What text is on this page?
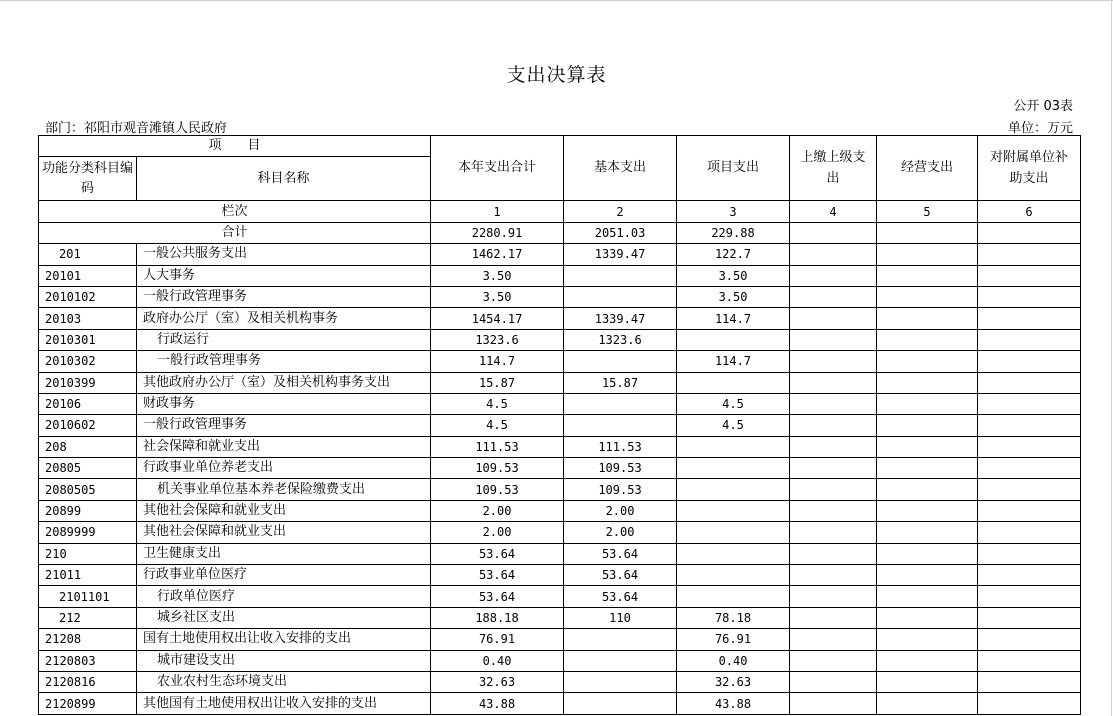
支出决算表
公开 03表
部门：祁阳市观音滩镇人民政府	单位：万元
项　　目		本年支出合计	基本支出	项目支出	上缴上级支出	经营支出	对附属单位补助支出
功能分类科目编码	科目名称						
栏次		1	2	3	4	5	6
合计		2280.91	2051.03	229.88			
201	一般公共服务支出	1462.17	1339.47	122.7			
20101	人大事务	3.50		3.50			
2010102	一般行政管理事务	3.50		3.50			
20103	政府办公厅（室）及相关机构事务	1454.17	1339.47	114.7			
2010301	行政运行	1323.6	1323.6				
2010302	一般行政管理事务	114.7		114.7			
2010399	其他政府办公厅（室）及相关机构事务支出	15.87	15.87				
20106	财政事务	4.5		4.5			
2010602	一般行政管理事务	4.5		4.5			
208	社会保障和就业支出	111.53	111.53				
20805	行政事业单位养老支出	109.53	109.53				
2080505	机关事业单位基本养老保险缴费支出	109.53	109.53				
20899	其他社会保障和就业支出	2.00	2.00				
2089999	其他社会保障和就业支出	2.00	2.00				
210	卫生健康支出	53.64	53.64				
21011	行政事业单位医疗	53.64	53.64				
2101101	行政单位医疗	53.64	53.64				
212	城乡社区支出	188.18	110	78.18			
21208	国有土地使用权出让收入安排的支出	76.91		76.91			
2120803	城市建设支出	0.40		0.40			
2120816	农业农村生态环境支出	32.63		32.63			
2120899	其他国有土地使用权出让收入安排的支出	43.88		43.88			
